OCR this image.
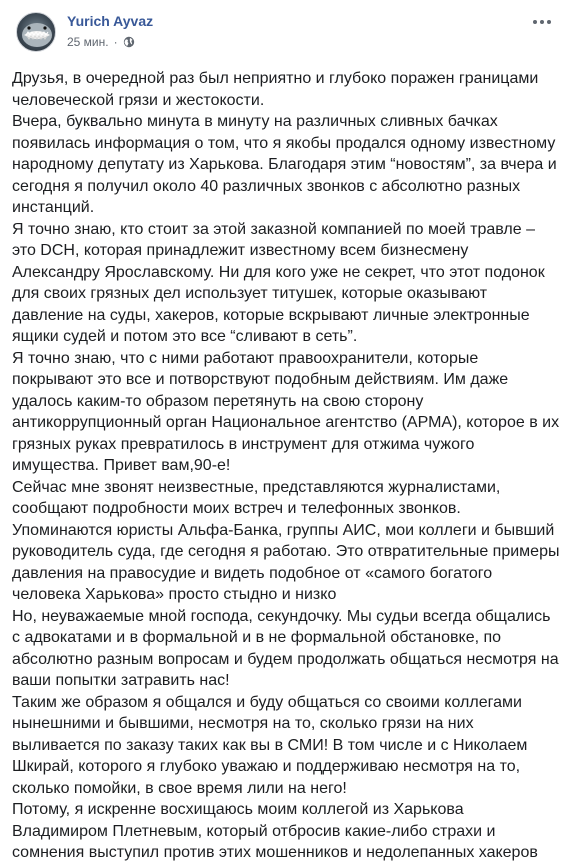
Yurich Ayvaz
25 мин. ·

Друзья, в очередной раз был неприятно и глубоко поражен границами человеческой грязи и жестокости.

Вчера, буквально минута в минуту на различных сливных бачках появилась информация о том, что я якобы продался одному известному народному депутату из Харькова. Благодаря этим “новостям”, за вчера и сегодня я получил около 40 различных звонков с абсолютно разных инстанций.

Я точно знаю, кто стоит за этой заказной компанией по моей травле – это DCH, которая принадлежит известному всем бизнесмену Александру Ярославскому. Ни для кого уже не секрет, что этот подонок для своих грязных дел использует титушек, которые оказывают давление на суды, хакеров, которые вскрывают личные электронные ящики судей и потом это все “сливают в сеть”.

Я точно знаю, что с ними работают правоохранители, которые покрывают это все и потворствуют подобным действиям. Им даже удалось каким-то образом перетянуть на свою сторону антикоррупционный орган Национальное агентство (АРМА), которое в их грязных руках превратилось в инструмент для отжима чужого имущества. Привет вам,90-е!

Сейчас мне звонят неизвестные, представляются журналистами, сообщают подробности моих встреч и телефонных звонков. Упоминаются юристы Альфа-Банка, группы АИС, мои коллеги и бывший руководитель суда, где сегодня я работаю. Это отвратительные примеры давления на правосудие и видеть подобное от «самого богатого человека Харькова» просто стыдно и низко

Но, неуважаемые мной господа, секундочку. Мы судьи всегда общались с адвокатами и в формальной и в не формальной обстановке, по абсолютно разным вопросам и будем продолжать общаться несмотря на ваши попытки затравить нас!

Таким же образом я общался и буду общаться со своими коллегами нынешними и бывшими, несмотря на то, сколько грязи на них выливается по заказу таких как вы в СМИ! В том числе и с Николаем Шкирай, которого я глубоко уважаю и поддерживаю несмотря на то, сколько помойки, в свое время лили на него!

Потому, я искренне восхищаюсь моим коллегой из Харькова Владимиром Плетневым, который отбросив какие-либо страхи и сомнения выступил против этих мошенников и недолепанных хакеров
